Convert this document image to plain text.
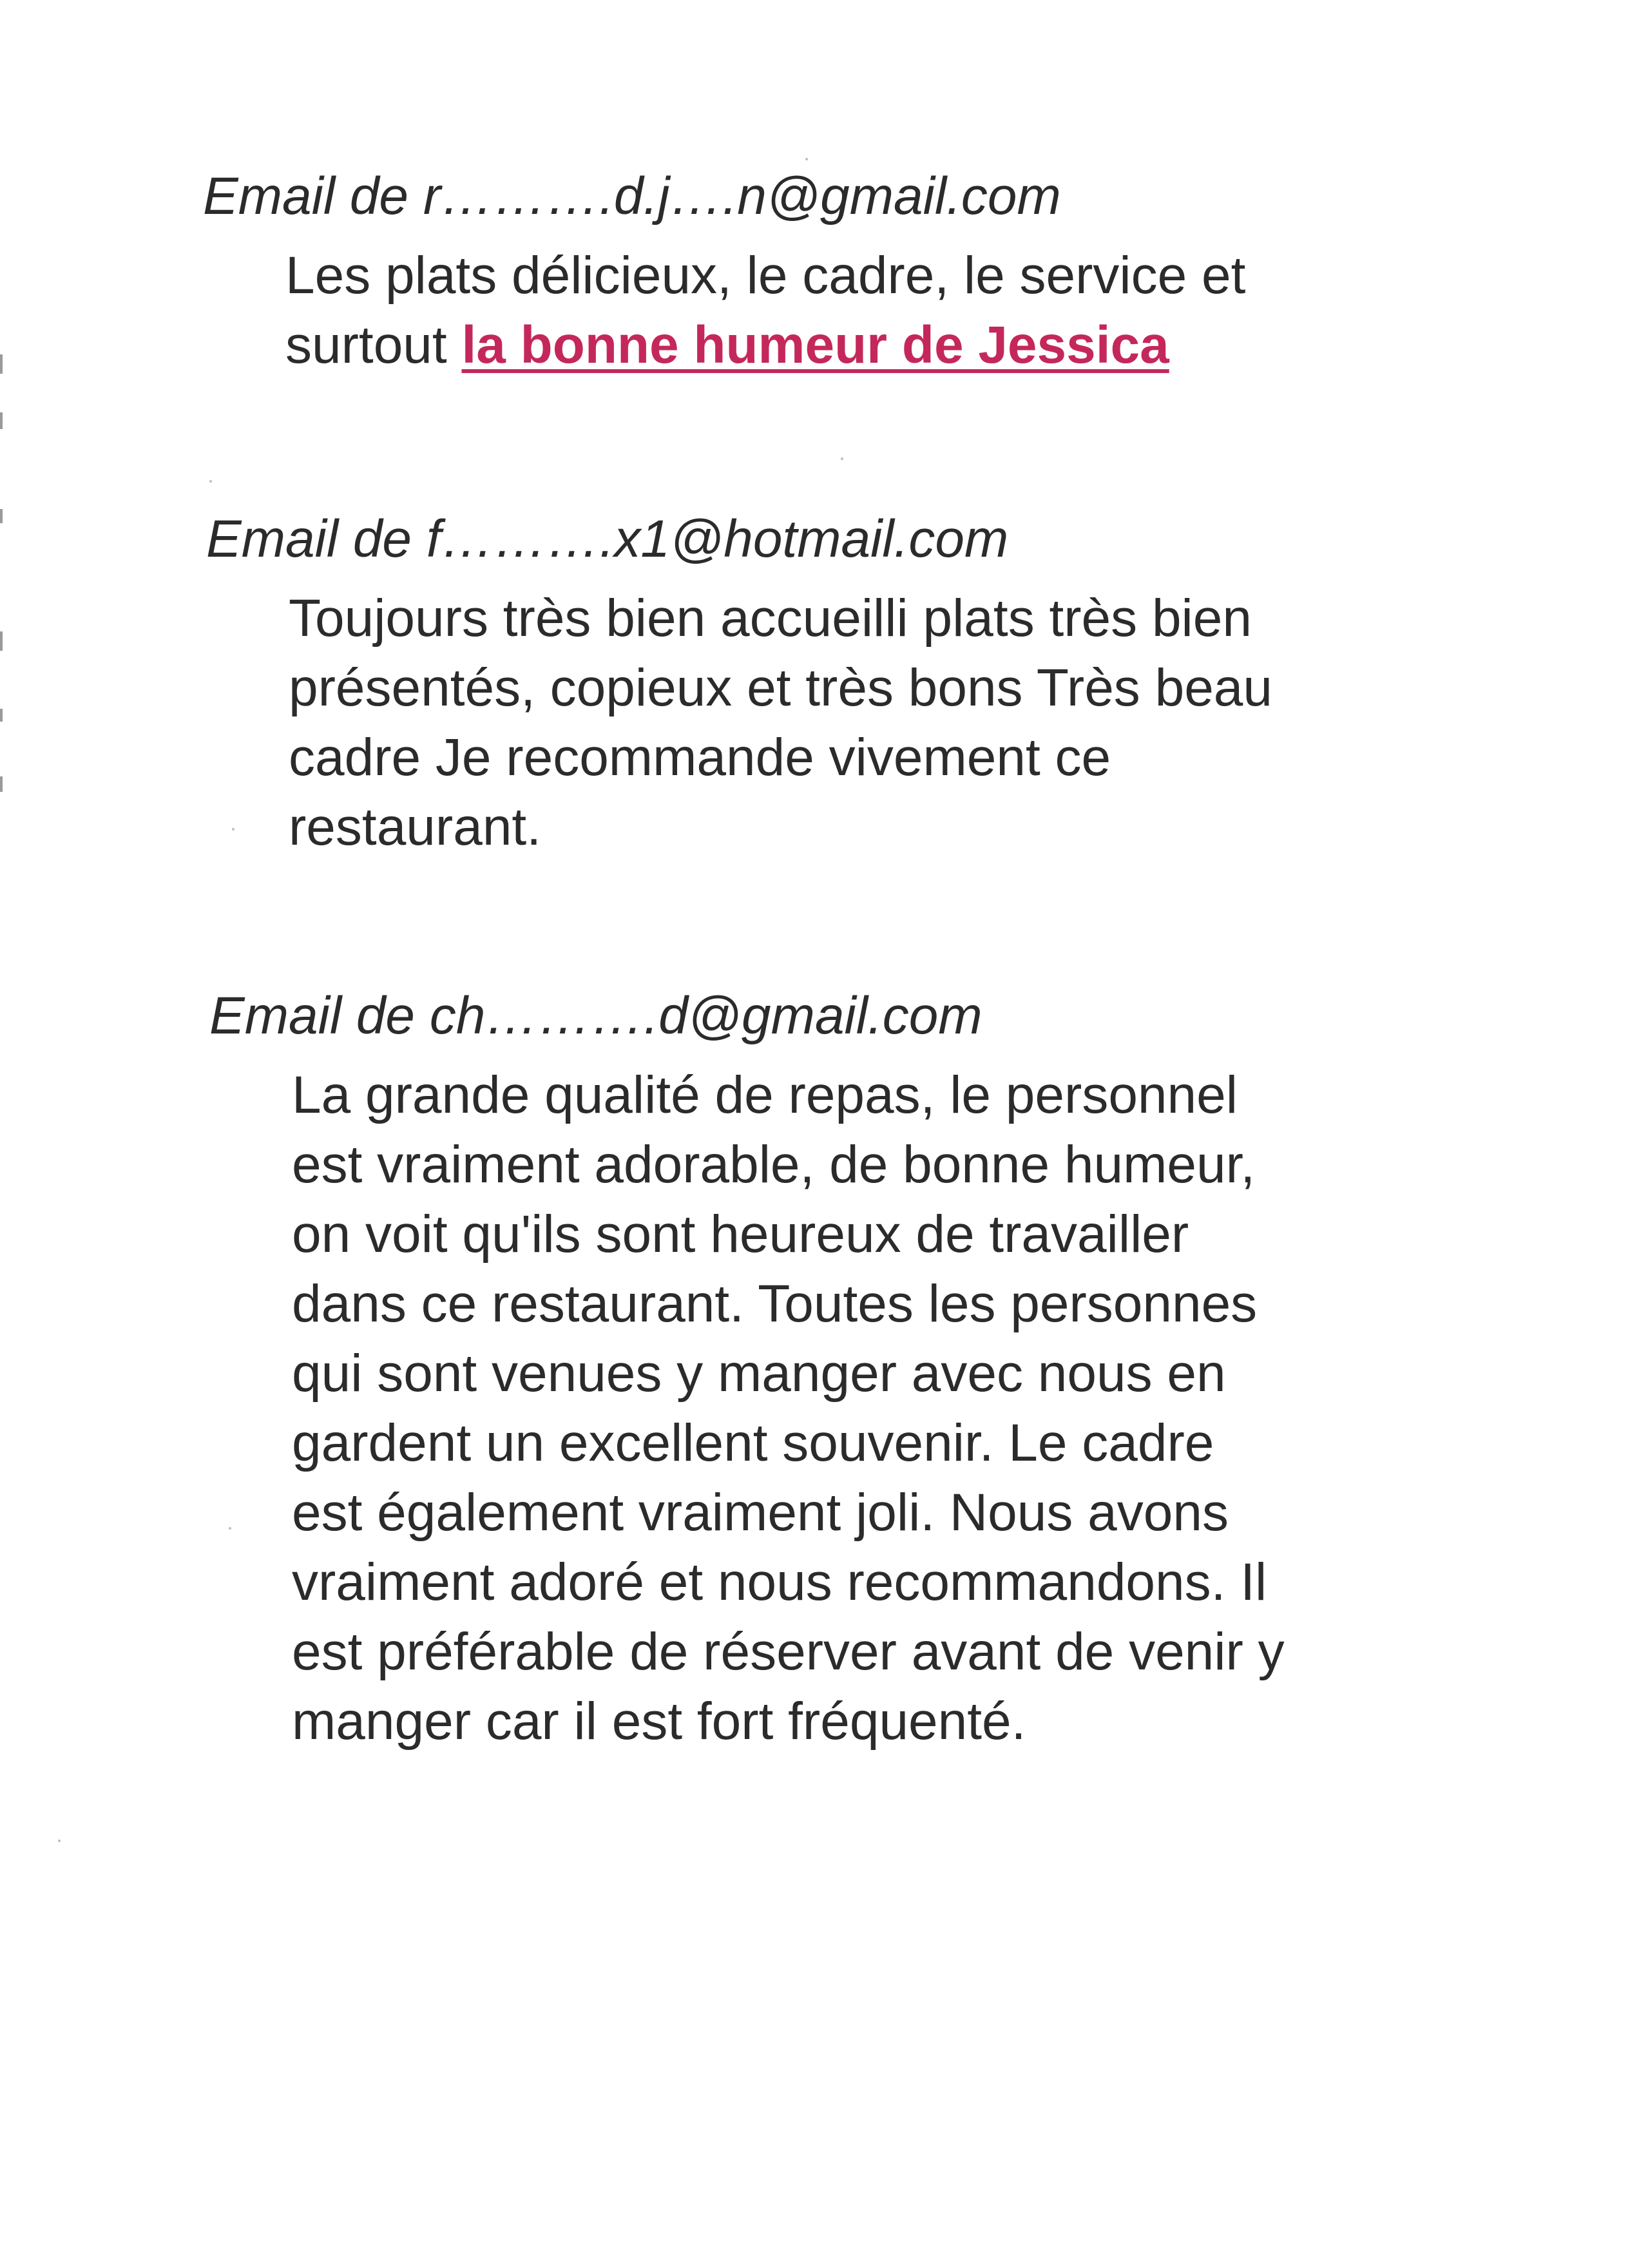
Email de r……….d.j….n@gmail.com
Les plats délicieux, le cadre, le service et
surtout la bonne humeur de Jessica
Email de f……….x1@hotmail.com
Toujours très bien accueilli plats très bien
présentés, copieux et très bons Très beau
cadre Je recommande vivement ce
restaurant.
Email de ch……….d@gmail.com
La grande qualité de repas, le personnel
est vraiment adorable, de bonne humeur,
on voit qu'ils sont heureux de travailler
dans ce restaurant. Toutes les personnes
qui sont venues y manger avec nous en
gardent un excellent souvenir. Le cadre
est également vraiment joli. Nous avons
vraiment adoré et nous recommandons. Il
est préférable de réserver avant de venir y
manger car il est fort fréquenté.
